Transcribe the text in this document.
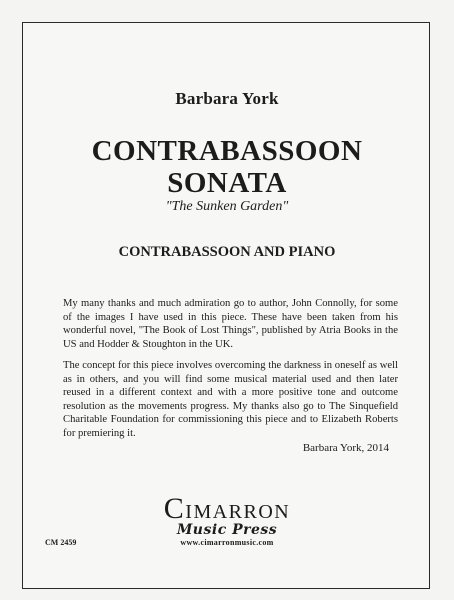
Barbara York
CONTRABASSOON
SONATA
"The Sunken Garden"
CONTRABASSOON AND PIANO
My many thanks and much admiration go to author, John Connolly, for some of the images I have used in this piece. These have been taken from his wonderful novel, "The Book of Lost Things", published by Atria Books in the US and Hodder & Stoughton in the UK.
The concept for this piece involves overcoming the darkness in oneself as well as in others, and you will find some musical material used and then later reused in a different context and with a more positive tone and outcome resolution as the movements progress. My thanks also go to The Sinquefield Charitable Foundation for commissioning this piece and to Elizabeth Roberts for premiering it.
Barbara York, 2014
CM 2459
CIMARRON
Music Press
www.cimarronmusic.com
